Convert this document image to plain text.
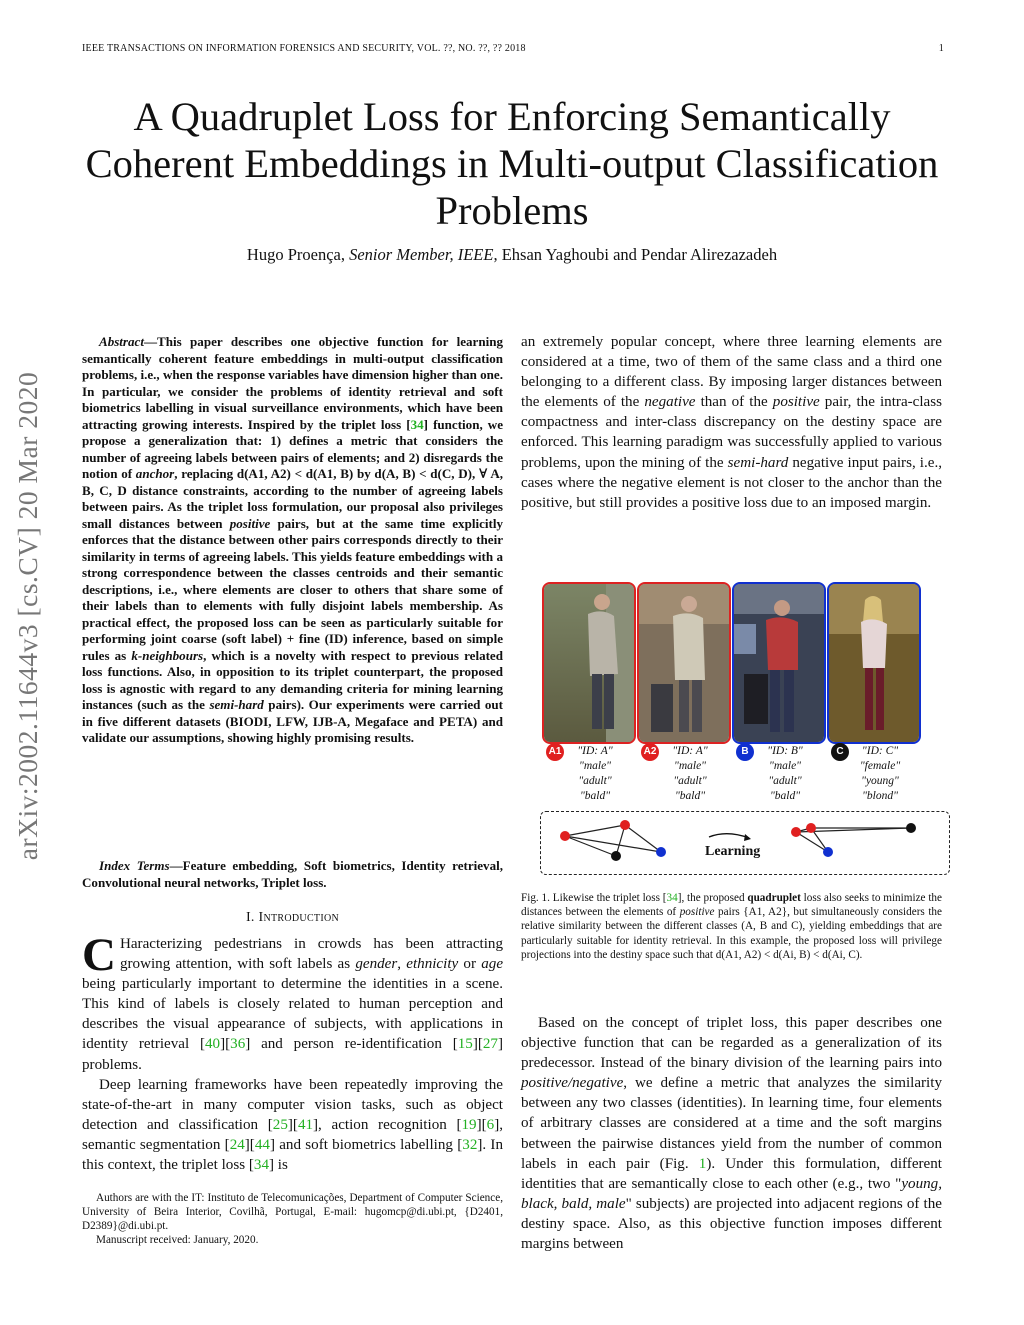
IEEE TRANSACTIONS ON INFORMATION FORENSICS AND SECURITY, VOL. ??, NO. ??, ?? 2018	1
A Quadruplet Loss for Enforcing Semantically
Coherent Embeddings in Multi-output Classification
Problems
Hugo Proença, Senior Member, IEEE, Ehsan Yaghoubi and Pendar Alirezazadeh
arXiv:2002.11644v3 [cs.CV] 20 Mar 2020

Abstract—This paper describes one objective function for learning semantically coherent feature embeddings in multi-output classification problems, i.e., when the response variables have dimension higher than one. In particular, we consider the problems of identity retrieval and soft biometrics labelling in visual surveillance environments, which have been attracting growing interests. Inspired by the triplet loss [34] function, we propose a generalization that: 1) defines a metric that considers the number of agreeing labels between pairs of elements; and 2) disregards the notion of anchor, replacing d(A1, A2) < d(A1, B) by d(A, B) < d(C, D), ∀ A, B, C, D distance constraints, according to the number of agreeing labels between pairs. As the triplet loss formulation, our proposal also privileges small distances between positive pairs, but at the same time explicitly enforces that the distance between other pairs corresponds directly to their similarity in terms of agreeing labels. This yields feature embeddings with a strong correspondence between the classes centroids and their semantic descriptions, i.e., where elements are closer to others that share some of their labels than to elements with fully disjoint labels membership. As practical effect, the proposed loss can be seen as particularly suitable for performing joint coarse (soft label) + fine (ID) inference, based on simple rules as k-neighbours, which is a novelty with respect to previous related loss functions. Also, in opposition to its triplet counterpart, the proposed loss is agnostic with regard to any demanding criteria for mining learning instances (such as the semi-hard pairs). Our experiments were carried out in five different datasets (BIODI, LFW, IJB-A, Megaface and PETA) and validate our assumptions, showing highly promising results.

Index Terms—Feature embedding, Soft biometrics, Identity retrieval, Convolutional neural networks, Triplet loss.

I. Introduction

C Haracterizing pedestrians in crowds has been attracting growing attention, with soft labels as gender, ethnicity or age being particularly important to determine the identities in a scene. This kind of labels is closely related to human perception and describes the visual appearance of subjects, with applications in identity retrieval [40][36] and person re-identification [15][27] problems.

Deep learning frameworks have been repeatedly improving the state-of-the-art in many computer vision tasks, such as object detection and classification [25][41], action recognition [19][6], semantic segmentation [24][44] and soft biometrics labelling [32]. In this context, the triplet loss [34] is

Authors are with the IT: Instituto de Telecomunicações, Department of Computer Science, University of Beira Interior, Covilhã, Portugal, E-mail: hugomcp@di.ubi.pt, {D2401, D2389}@di.ubi.pt.

Manuscript received: January, 2020.

an extremely popular concept, where three learning elements are considered at a time, two of them of the same class and a third one belonging to a different class. By imposing larger distances between the elements of the negative than of the positive pair, the intra-class compactness and inter-class discrepancy on the destiny space are enforced. This learning paradigm was successfully applied to various problems, upon the mining of the semi-hard negative input pairs, i.e., cases where the negative element is not closer to the anchor than the positive, but still provides a positive loss due to an imposed margin.

A1	"ID: A"
"male"
"adult"
"bald"
A2	"ID: A"
"male"
"adult"
"bald"
B	"ID: B"
"male"
"adult"
"bald"
C	"ID: C"
"female"
"young"
"blond"
Learning
Fig. 1. Likewise the triplet loss [34], the proposed quadruplet loss also seeks to minimize the distances between the elements of positive pairs {A1, A2}, but simultaneously considers the relative similarity between the different classes (A, B and C), yielding embeddings that are particularly suitable for identity retrieval. In this example, the proposed loss will privilege projections into the destiny space such that d(A1, A2) < d(Ai, B) < d(Ai, C).

Based on the concept of triplet loss, this paper describes one objective function that can be regarded as a generalization of its predecessor. Instead of the binary division of the learning pairs into positive/negative, we define a metric that analyzes the similarity between any two classes (identities). In learning time, four elements of arbitrary classes are considered at a time and the soft margins between the pairwise distances yield from the number of common labels in each pair (Fig. 1). Under this formulation, different identities that are semantically close to each other (e.g., two "young, black, bald, male" subjects) are projected into adjacent regions of the destiny space. Also, as this objective function imposes different margins between
